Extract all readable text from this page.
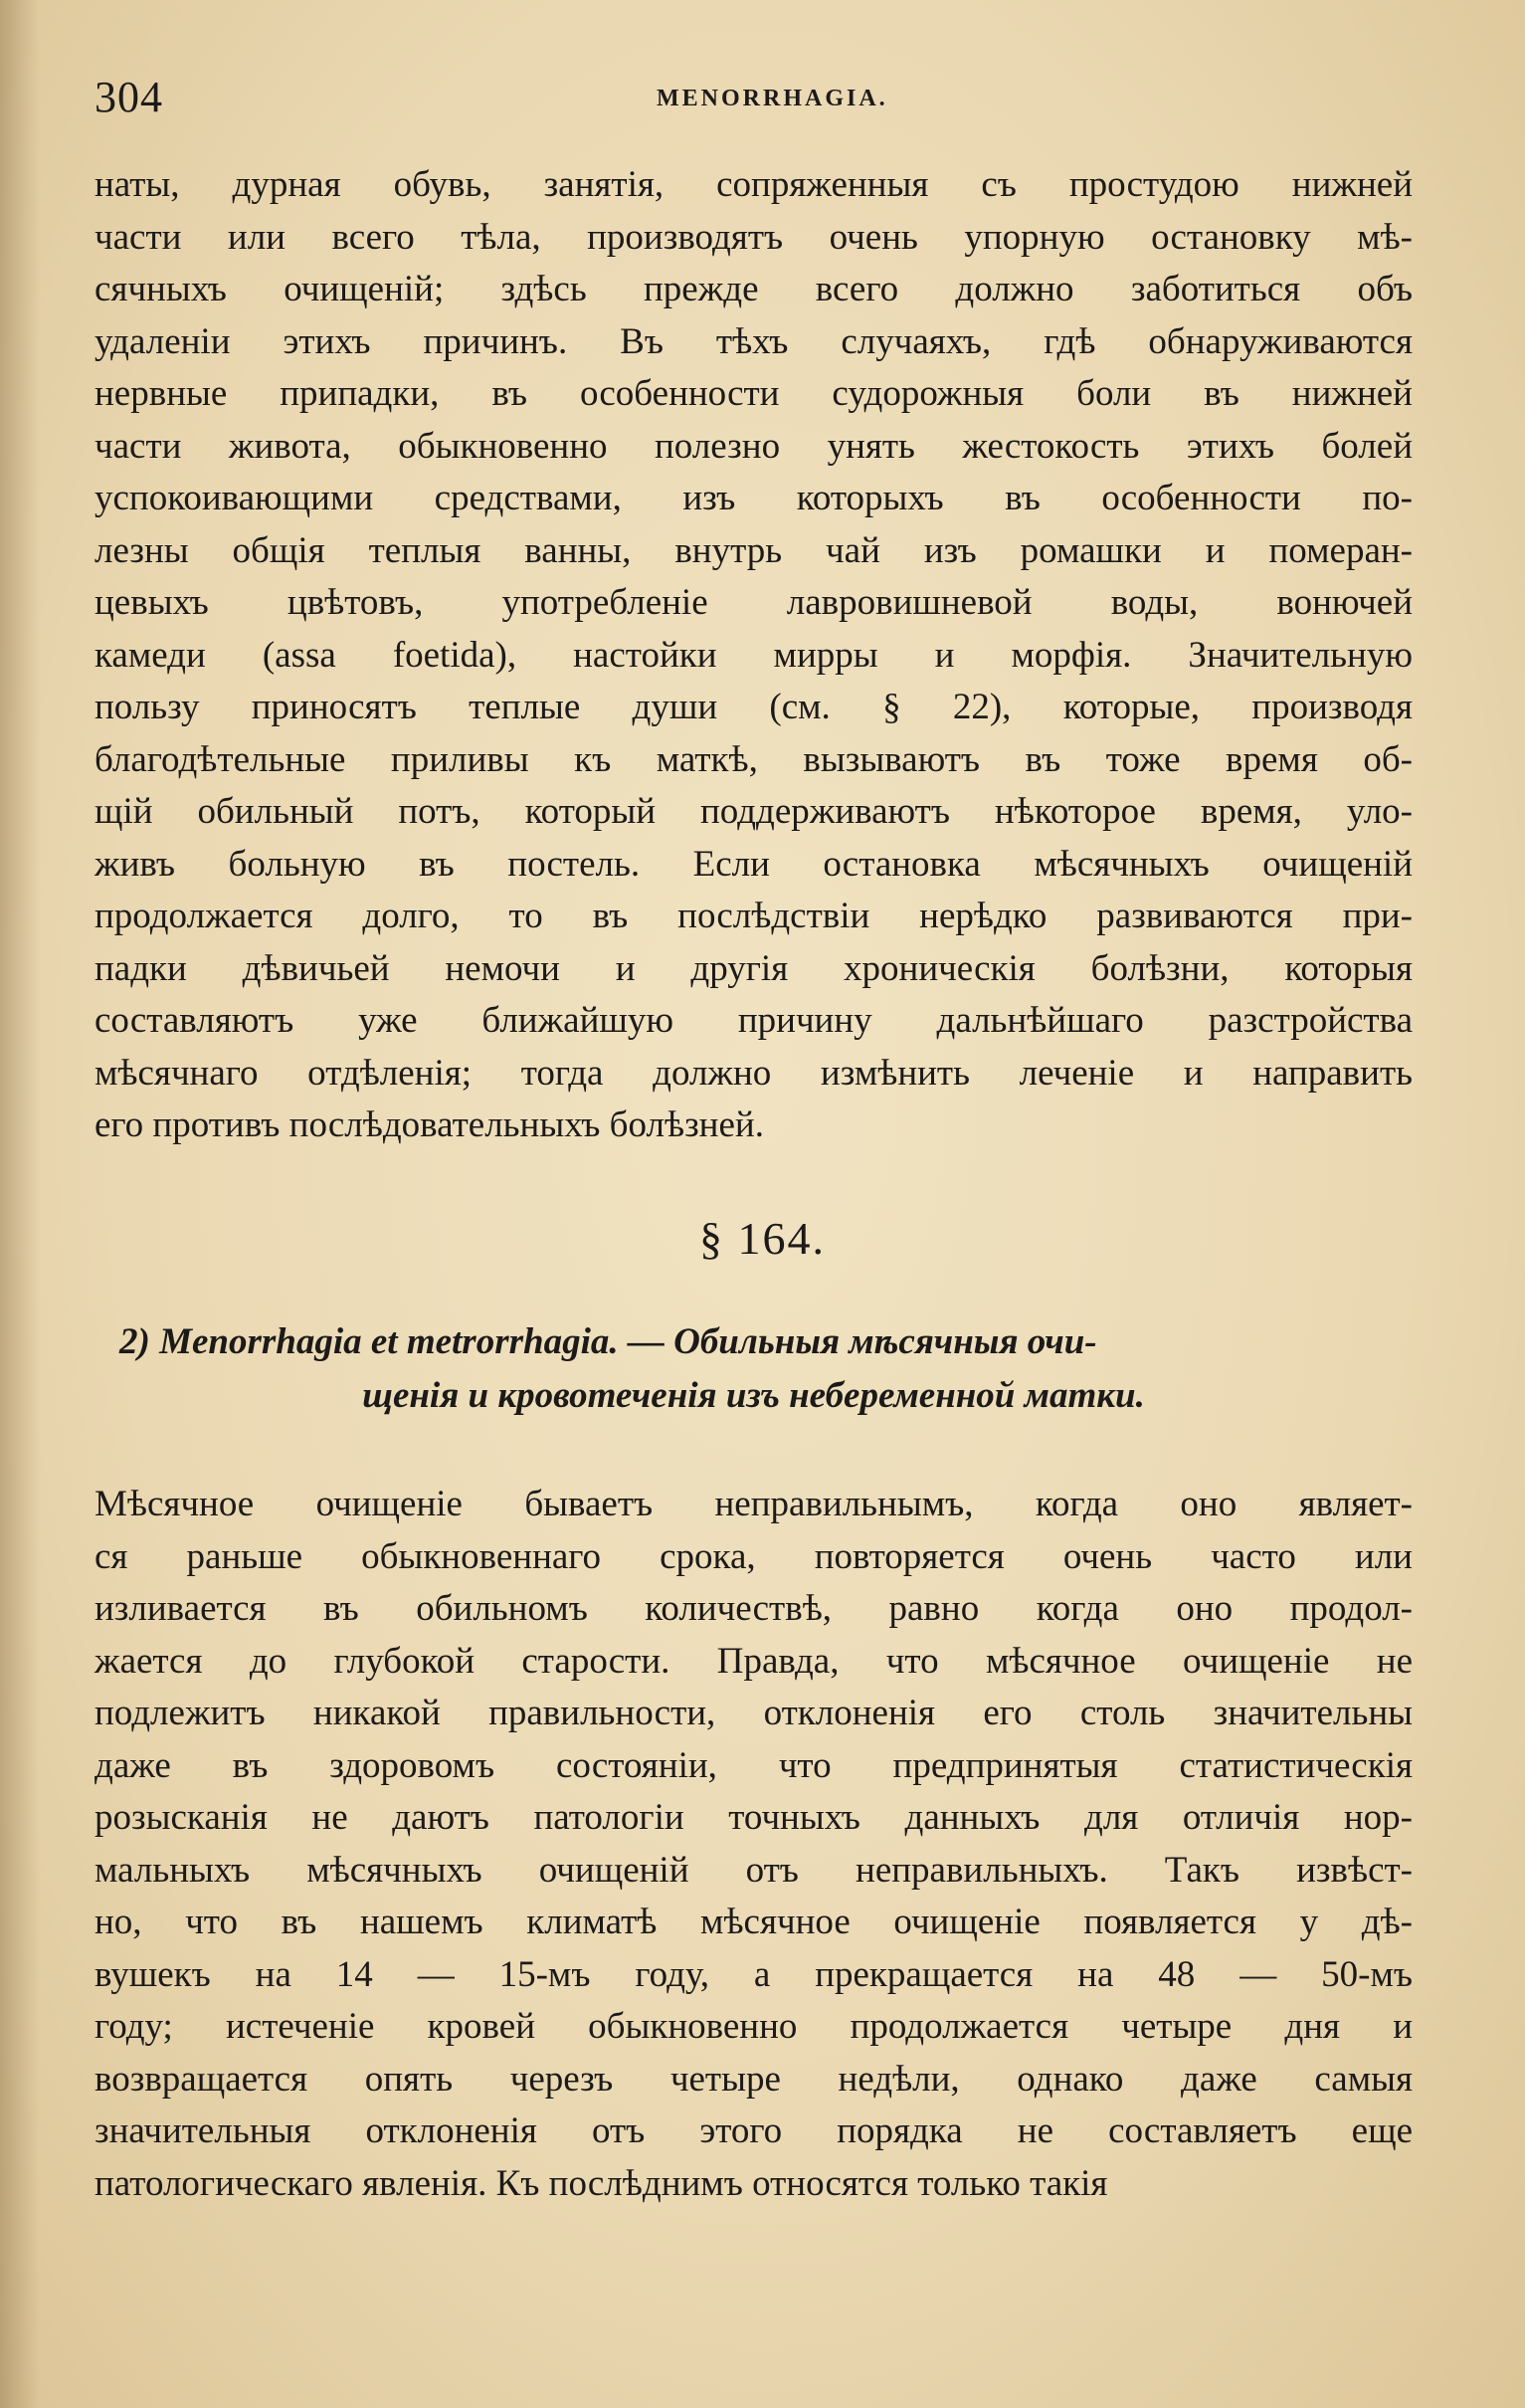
304	MENORRHAGIA.
наты, дурная обувь, занятія, сопряженныя съ простудою нижней
части или всего тѣла, производятъ очень упорную остановку мѣ-
сячныхъ очищеній; здѣсь прежде всего должно заботиться объ
удаленіи этихъ причинъ. Въ тѣхъ случаяхъ, гдѣ обнаруживаются
нервные припадки, въ особенности судорожныя боли въ нижней
части живота, обыкновенно полезно унять жестокость этихъ болей
успокоивающими средствами, изъ которыхъ въ особенности по-
лезны общія теплыя ванны, внутрь чай изъ ромашки и померан-
цевыхъ цвѣтовъ, употребленіе лавровишневой воды, вонючей
камеди (assa foetida), настойки мирры и морфія. Значительную
пользу приносятъ теплые души (см. § 22), которые, производя
благодѣтельные приливы къ маткѣ, вызываютъ въ тоже время об-
щій обильный потъ, который поддерживаютъ нѣкоторое время, уло-
живъ больную въ постель. Если остановка мѣсячныхъ очищеній
продолжается долго, то въ послѣдствіи нерѣдко развиваются при-
падки дѣвичьей немочи и другія хроническія болѣзни, которыя
составляютъ уже ближайшую причину дальнѣйшаго разстройства
мѣсячнаго отдѣленія; тогда должно измѣнить леченіе и направить
его противъ послѣдовательныхъ болѣзней.
§ 164.
2) Menorrhagia et metrorrhagia. — Обильныя мѣсячныя очи-
щенія и кровотеченія изъ небеременной матки.
Мѣсячное очищеніе бываетъ неправильнымъ, когда оно являет-
ся раньше обыкновеннаго срока, повторяется очень часто или
изливается въ обильномъ количествѣ, равно когда оно продол-
жается до глубокой старости. Правда, что мѣсячное очищеніе не
подлежитъ никакой правильности, отклоненія его столь значительны
даже въ здоровомъ состояніи, что предпринятыя статистическія
розысканія не даютъ патологіи точныхъ данныхъ для отличія нор-
мальныхъ мѣсячныхъ очищеній отъ неправильныхъ. Такъ извѣст-
но, что въ нашемъ климатѣ мѣсячное очищеніе появляется у дѣ-
вушекъ на 14 — 15-мъ году, а прекращается на 48 — 50-мъ
году; истеченіе кровей обыкновенно продолжается четыре дня и
возвращается опять черезъ четыре недѣли, однако даже самыя
значительныя отклоненія отъ этого порядка не составляетъ еще
патологическаго явленія. Къ послѣднимъ относятся только такія
